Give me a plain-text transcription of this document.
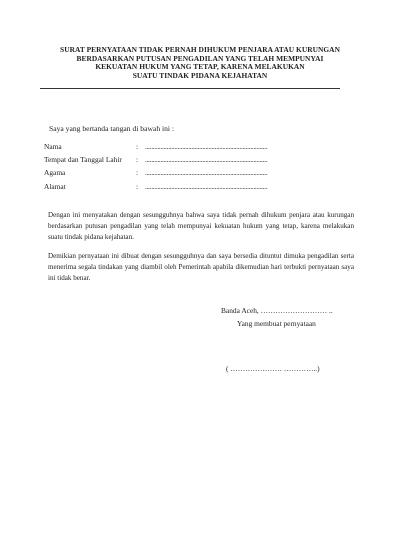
SURAT PERNYATAAN TIDAK PERNAH DIHUKUM PENJARA ATAU KURUNGAN
BERDASARKAN PUTUSAN PENGADILAN YANG TELAH MEMPUNYAI
KEKUATAN HUKUM YANG TETAP, KARENA MELAKUKAN
SUATU TINDAK PIDANA KEJAHATAN
Saya yang bertanda tangan di bawah ini :
Nama	: ...............................................................................
Tempat dan Tanggal Lahir : ...............................................................................
Agama	: ...............................................................................
Alamat	: ...............................................................................
Dengan ini menyatakan dengan sesungguhnya bahwa saya tidak pernah dihukum penjara atau kurungan berdasarkan putusan pengadilan yang telah mempunyai kekuatan hukum yang tetap, karena melakukan suatu tindak pidana kejahatan.
Demikian pernyataan ini dibuat dengan sesungguhnya dan saya bersedia dituntut dimuka pengadilan serta menerima segala tindakan yang diambil oleh Pemerintah apabila dikemudian hari terbukti pernyataan saya ini tidak benar.
Banda Aceh, ……………………… ..
Yang membuat pernyataan
( ………………… …………..)
